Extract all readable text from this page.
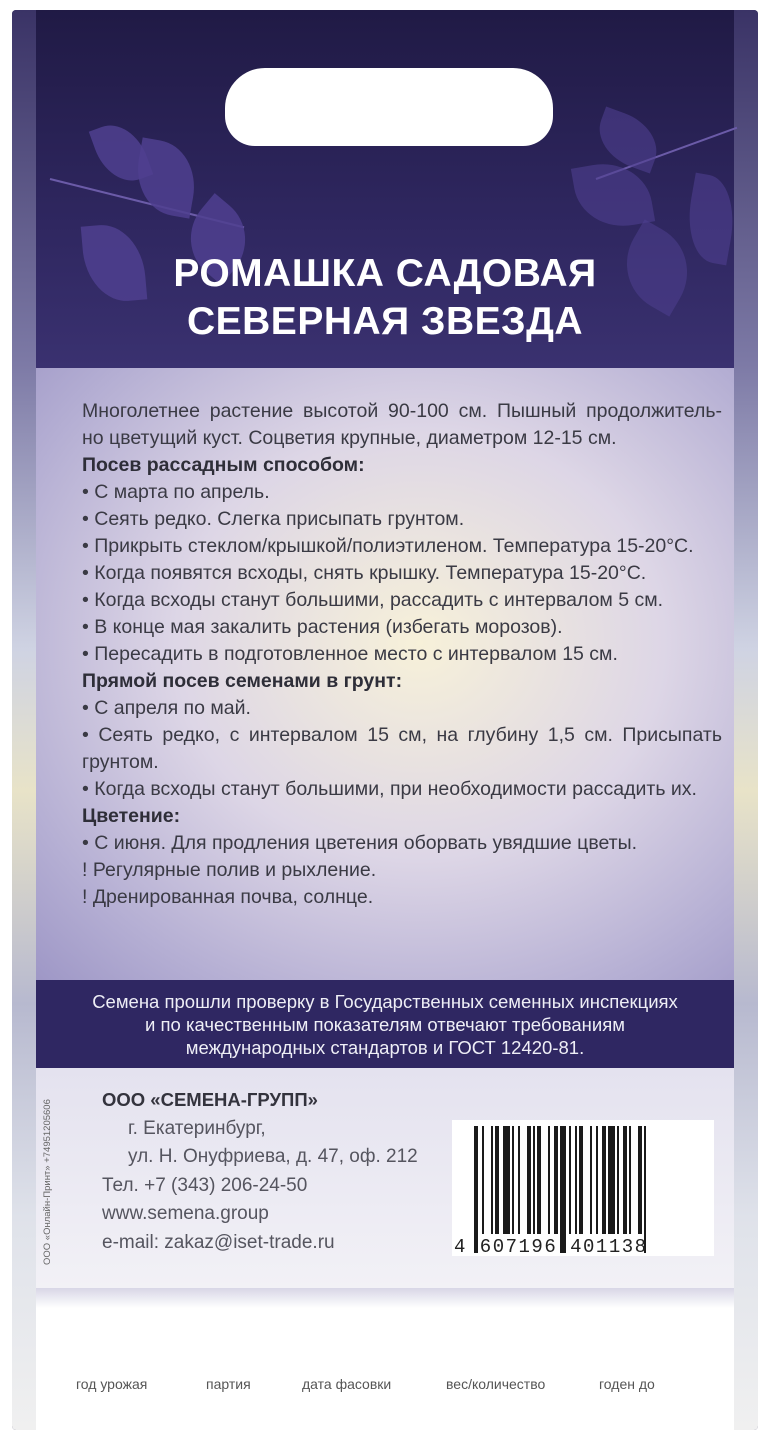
РОМАШКА САДОВАЯ
СЕВЕРНАЯ ЗВЕЗДА
Многолетнее растение высотой 90-100 см. Пышный продолжитель-
но цветущий куст. Соцветия крупные, диаметром 12-15 см.
Посев рассадным способом:
• С марта по апрель.
• Сеять редко. Слегка присыпать грунтом.
• Прикрыть стеклом/крышкой/полиэтиленом. Температура 15-20°С.
• Когда появятся всходы, снять крышку. Температура 15-20°С.
• Когда всходы станут большими, рассадить с интервалом 5 см.
• В конце мая закалить растения (избегать морозов).
• Пересадить в подготовленное место с интервалом 15 см.
Прямой посев семенами в грунт:
• С апреля по май.
• Сеять редко, с интервалом 15 см, на глубину 1,5 см. Присыпать
грунтом.
• Когда всходы станут большими, при необходимости рассадить их.
Цветение:
• С июня. Для продления цветения оборвать увядшие цветы.
! Регулярные полив и рыхление.
! Дренированная почва, солнце.
Семена прошли проверку в Государственных семенных инспекциях
и по качественным показателям отвечают требованиям
международных стандартов и ГОСТ 12420-81.
ООО «СЕМЕНА-ГРУПП»
г. Екатеринбург,
ул. Н. Онуфриева, д. 47, оф. 212
Тел. +7 (343) 206-24-50
www.semena.group
e-mail: zakaz@iset-trade.ru	4 607196 401138
год урожая	партия	дата фасовки	вес/количество	годен до
